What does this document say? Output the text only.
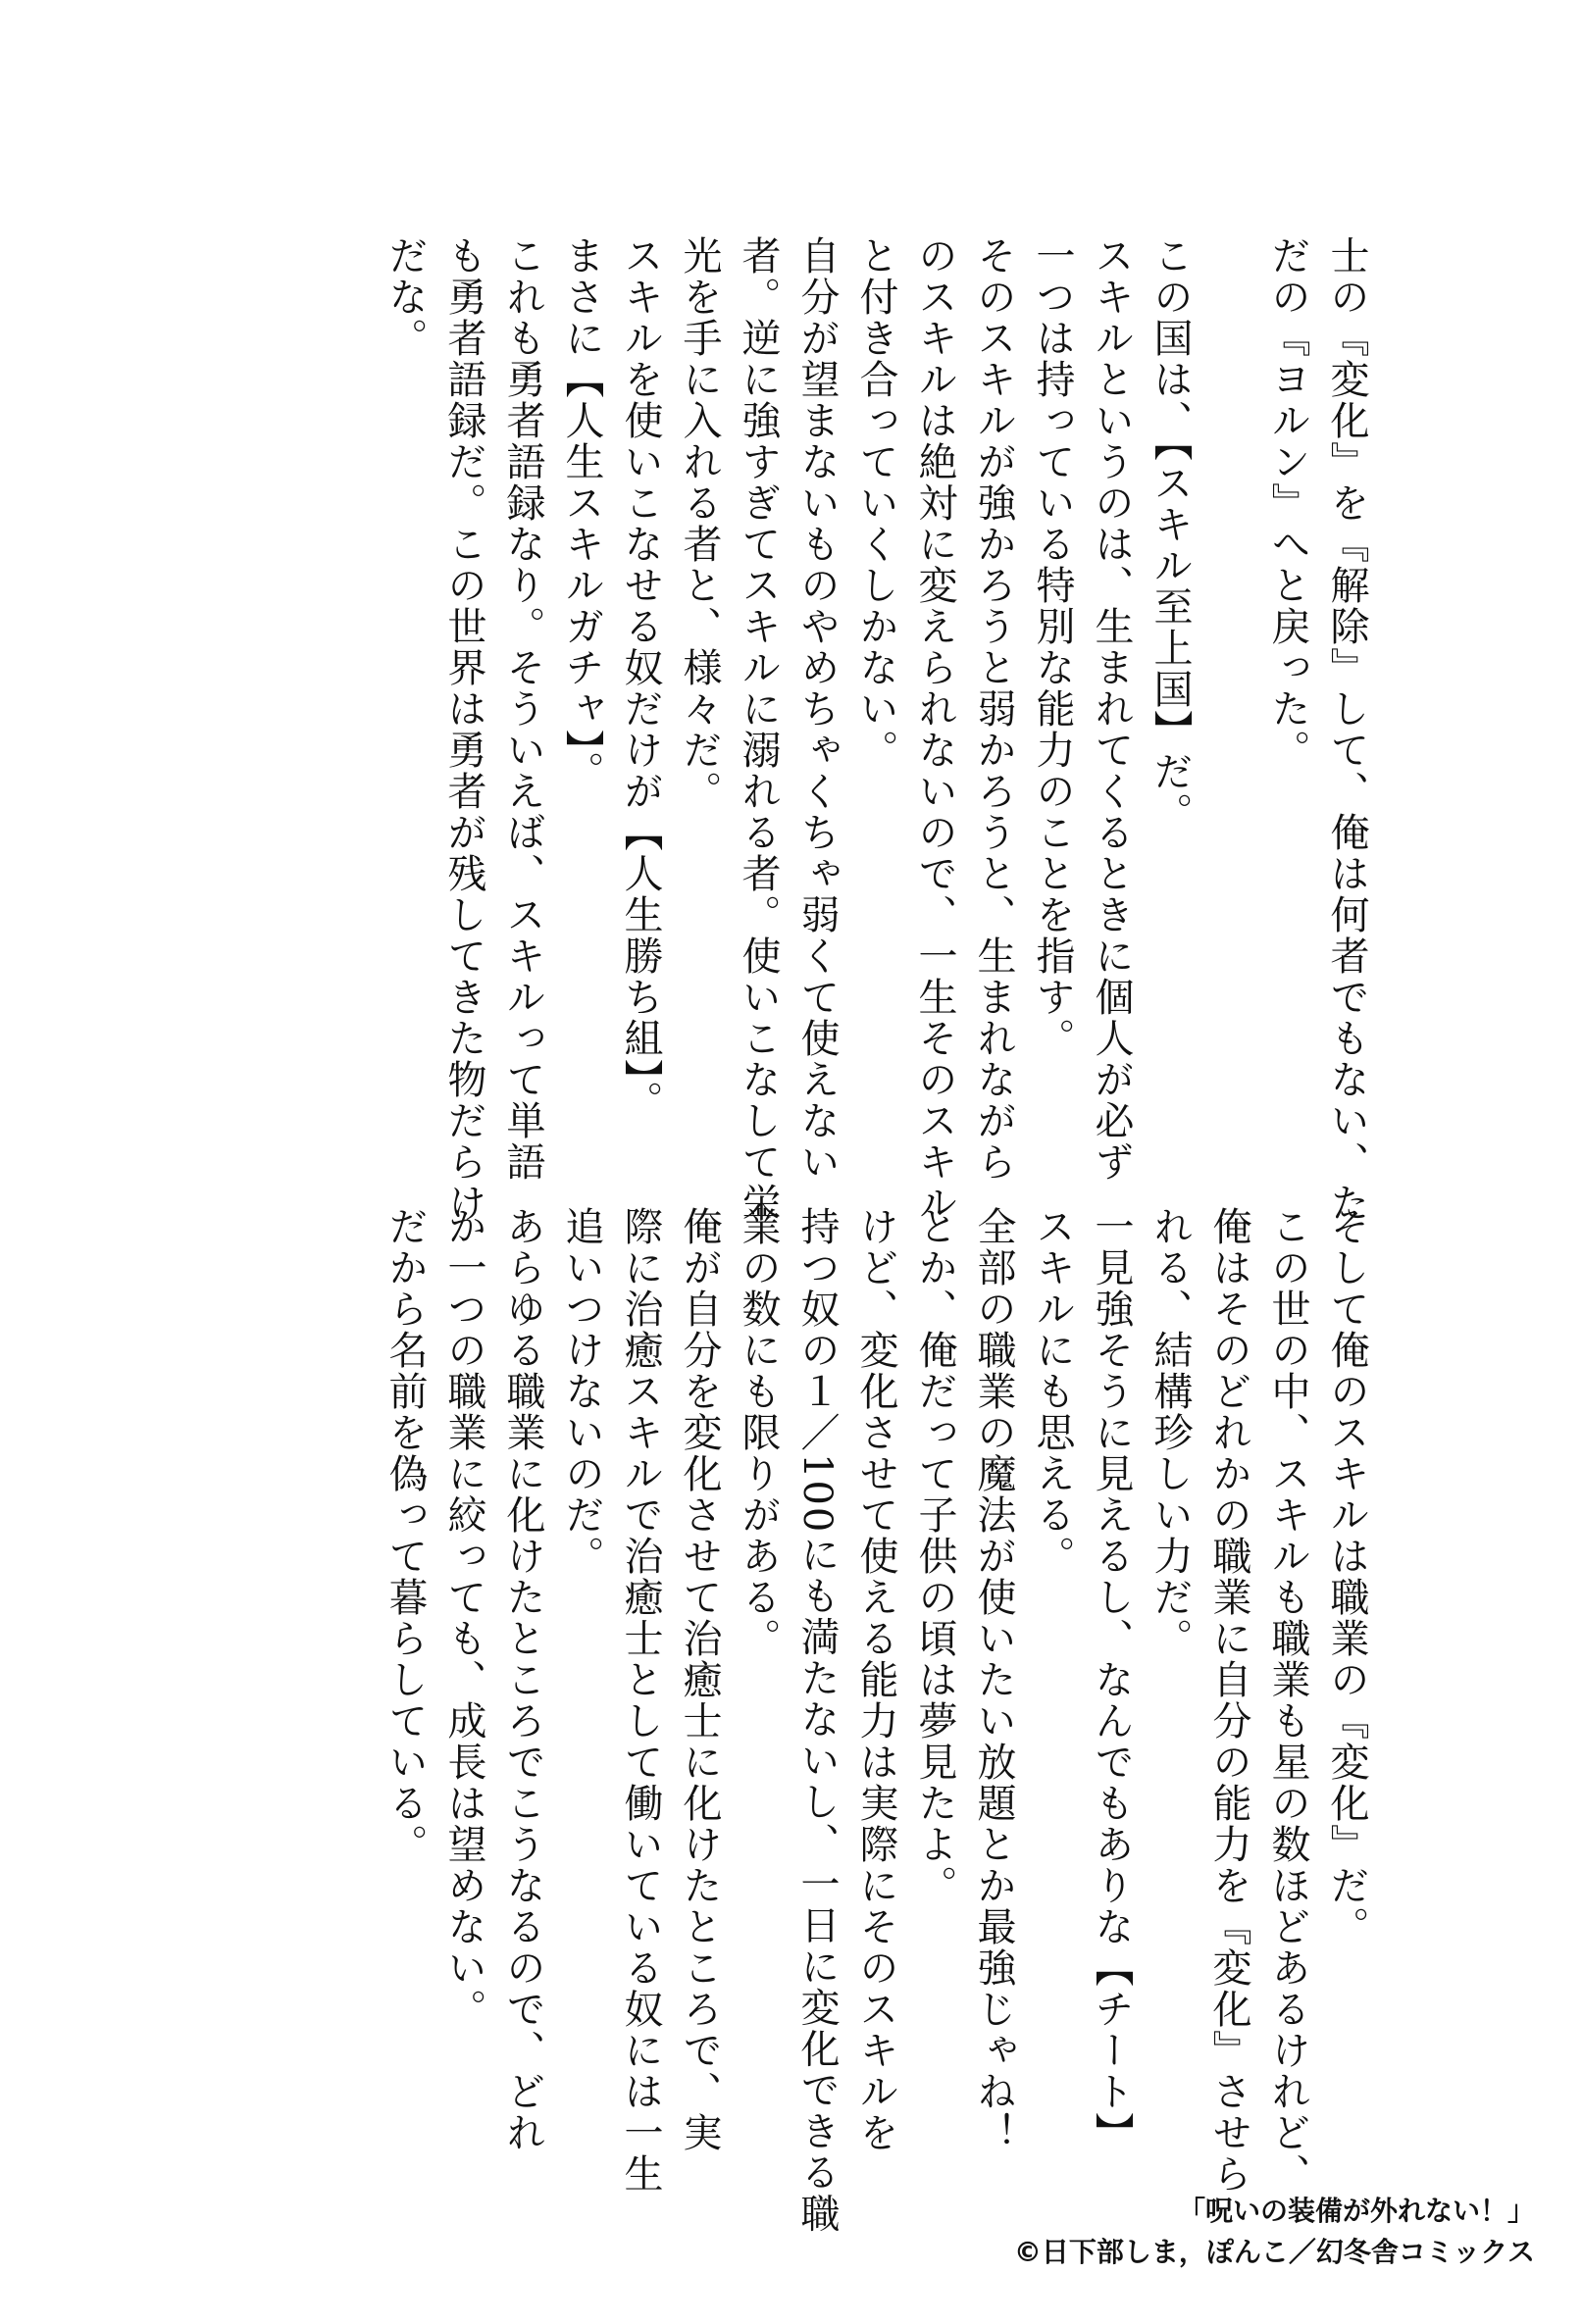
士の『変化』を『解除』して、俺は何者でもない、た

だの『ヨルン』へと戻った。

この国は、【スキル至上国】だ。

スキルというのは、生まれてくるときに個人が必ず

一つは持っている特別な能力のことを指す。

そのスキルが強かろうと弱かろうと、生まれながら

のスキルは絶対に変えられないので、一生そのスキル

と付き合っていくしかない。

自分が望まないものやめちゃくちゃ弱くて使えない

者。逆に強すぎてスキルに溺れる者。使いこなして栄

光を手に入れる者と、様々だ。

スキルを使いこなせる奴だけが【人生勝ち組】。

まさに【人生スキルガチャ】。

これも勇者語録なり。そういえば、スキルって単語

も勇者語録だ。この世界は勇者が残してきた物だらけ

だな。

そして俺のスキルは職業の『変化』だ。

この世の中、スキルも職業も星の数ほどあるけれど、

俺はそのどれかの職業に自分の能力を『変化』させら

れる、結構珍しい力だ。

一見強そうに見えるし、なんでもありな【チート】

スキルにも思える。

全部の職業の魔法が使いたい放題とか最強じゃね！

とか、俺だって子供の頃は夢見たよ。

けど、変化させて使える能力は実際にそのスキルを

持つ奴の１／100にも満たないし、一日に変化できる職

業の数にも限りがある。

俺が自分を変化させて治癒士に化けたところで、実

際に治癒スキルで治癒士として働いている奴には一生

追いつけないのだ。

あらゆる職業に化けたところでこうなるので、どれ

か一つの職業に絞っても、成長は望めない。

だから名前を偽って暮らしている。

「呪いの装備が外れない！」
©日下部しま，ぽんこ／幻冬舎コミックス
